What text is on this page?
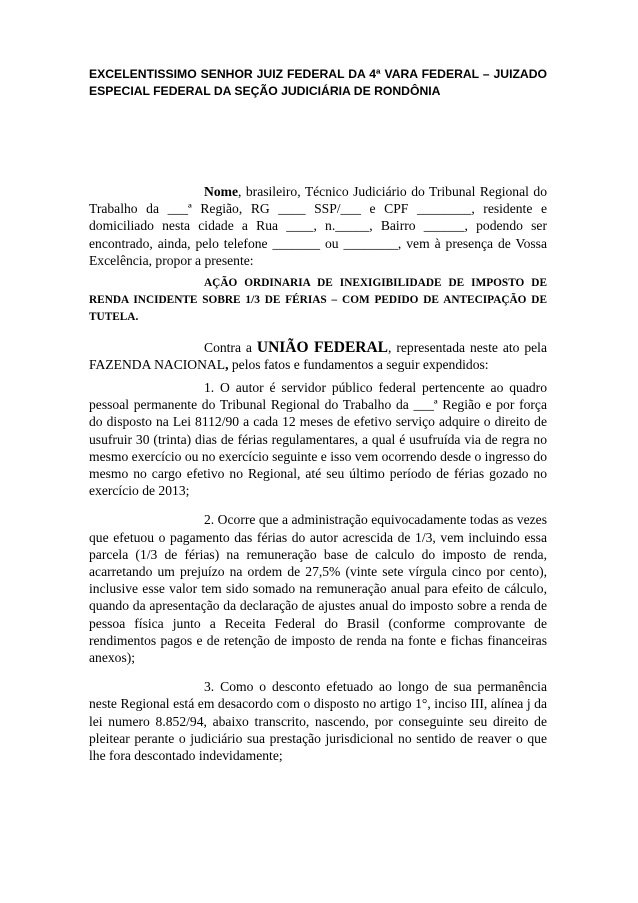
EXCELENTISSIMO SENHOR JUIZ FEDERAL DA 4ª VARA FEDERAL – JUIZADO ESPECIAL FEDERAL DA SEÇÃO JUDICIÁRIA DE RONDÔNIA

Nome, brasileiro, Técnico Judiciário do Tribunal Regional do Trabalho da ___ª Região, RG ____ SSP/___ e CPF ________, residente e domiciliado nesta cidade a Rua ____, n._____, Bairro ______, podendo ser encontrado, ainda, pelo telefone _______ ou ________, vem à presença de Vossa Excelência, propor a presente:

AÇÃO ORDINARIA DE INEXIGIBILIDADE DE IMPOSTO DE RENDA INCIDENTE SOBRE 1/3 DE FÉRIAS – COM PEDIDO DE ANTECIPAÇÃO DE TUTELA.

Contra a UNIÃO FEDERAL, representada neste ato pela FAZENDA NACIONAL, pelos fatos e fundamentos a seguir expendidos:

1. O autor é servidor público federal pertencente ao quadro pessoal permanente do Tribunal Regional do Trabalho da ___ª Região e por força do disposto na Lei 8112/90 a cada 12 meses de efetivo serviço adquire o direito de usufruir 30 (trinta) dias de férias regulamentares, a qual é usufruída via de regra no mesmo exercício ou no exercício seguinte e isso vem ocorrendo desde o ingresso do mesmo no cargo efetivo no Regional, até seu último período de férias gozado no exercício de 2013;

2. Ocorre que a administração equivocadamente todas as vezes que efetuou o pagamento das férias do autor acrescida de 1/3, vem incluindo essa parcela (1/3 de férias) na remuneração base de calculo do imposto de renda, acarretando um prejuízo na ordem de 27,5% (vinte sete vírgula cinco por cento), inclusive esse valor tem sido somado na remuneração anual para efeito de cálculo, quando da apresentação da declaração de ajustes anual do imposto sobre a renda de pessoa física junto a Receita Federal do Brasil (conforme comprovante de rendimentos pagos e de retenção de imposto de renda na fonte e fichas financeiras anexos);

3. Como o desconto efetuado ao longo de sua permanência neste Regional está em desacordo com o disposto no artigo 1°, inciso III, alínea j da lei numero 8.852/94, abaixo transcrito, nascendo, por conseguinte seu direito de pleitear perante o judiciário sua prestação jurisdicional no sentido de reaver o que lhe fora descontado indevidamente;
